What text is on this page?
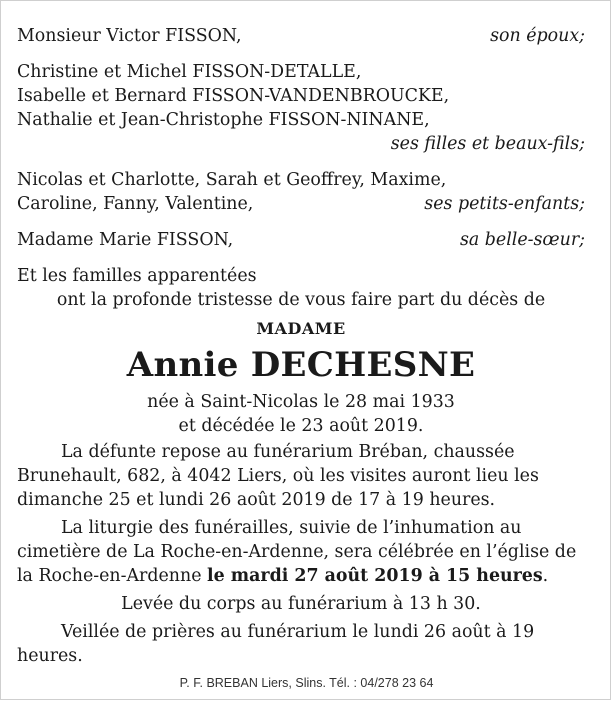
Monsieur Victor FISSON,	son époux;
Christine et Michel FISSON-DETALLE,
Isabelle et Bernard FISSON-VANDENBROUCKE,
Nathalie et Jean-Christophe FISSON-NINANE,
ses filles et beaux-fils;
Nicolas et Charlotte, Sarah et Geoffrey, Maxime,
Caroline, Fanny, Valentine,	ses petits-enfants;
Madame Marie FISSON,	sa belle-sœur;
Et les familles apparentées
ont la profonde tristesse de vous faire part du décès de
MADAME
Annie DECHESNE
née à Saint-Nicolas le 28 mai 1933
et décédée le 23 août 2019.
La défunte repose au funérarium Bréban, chaussée Brunehault, 682, à 4042 Liers, où les visites auront lieu les dimanche 25 et lundi 26 août 2019 de 17 à 19 heures.
La liturgie des funérailles, suivie de l’inhumation au cimetière de La Roche-en-Ardenne, sera célébrée en l’église de la Roche-en-Ardenne le mardi 27 août 2019 à 15 heures.
Levée du corps au funérarium à 13 h 30.
Veillée de prières au funérarium le lundi 26 août à 19 heures.
P. F. BREBAN Liers, Slins. Tél. : 04/278 23 64
